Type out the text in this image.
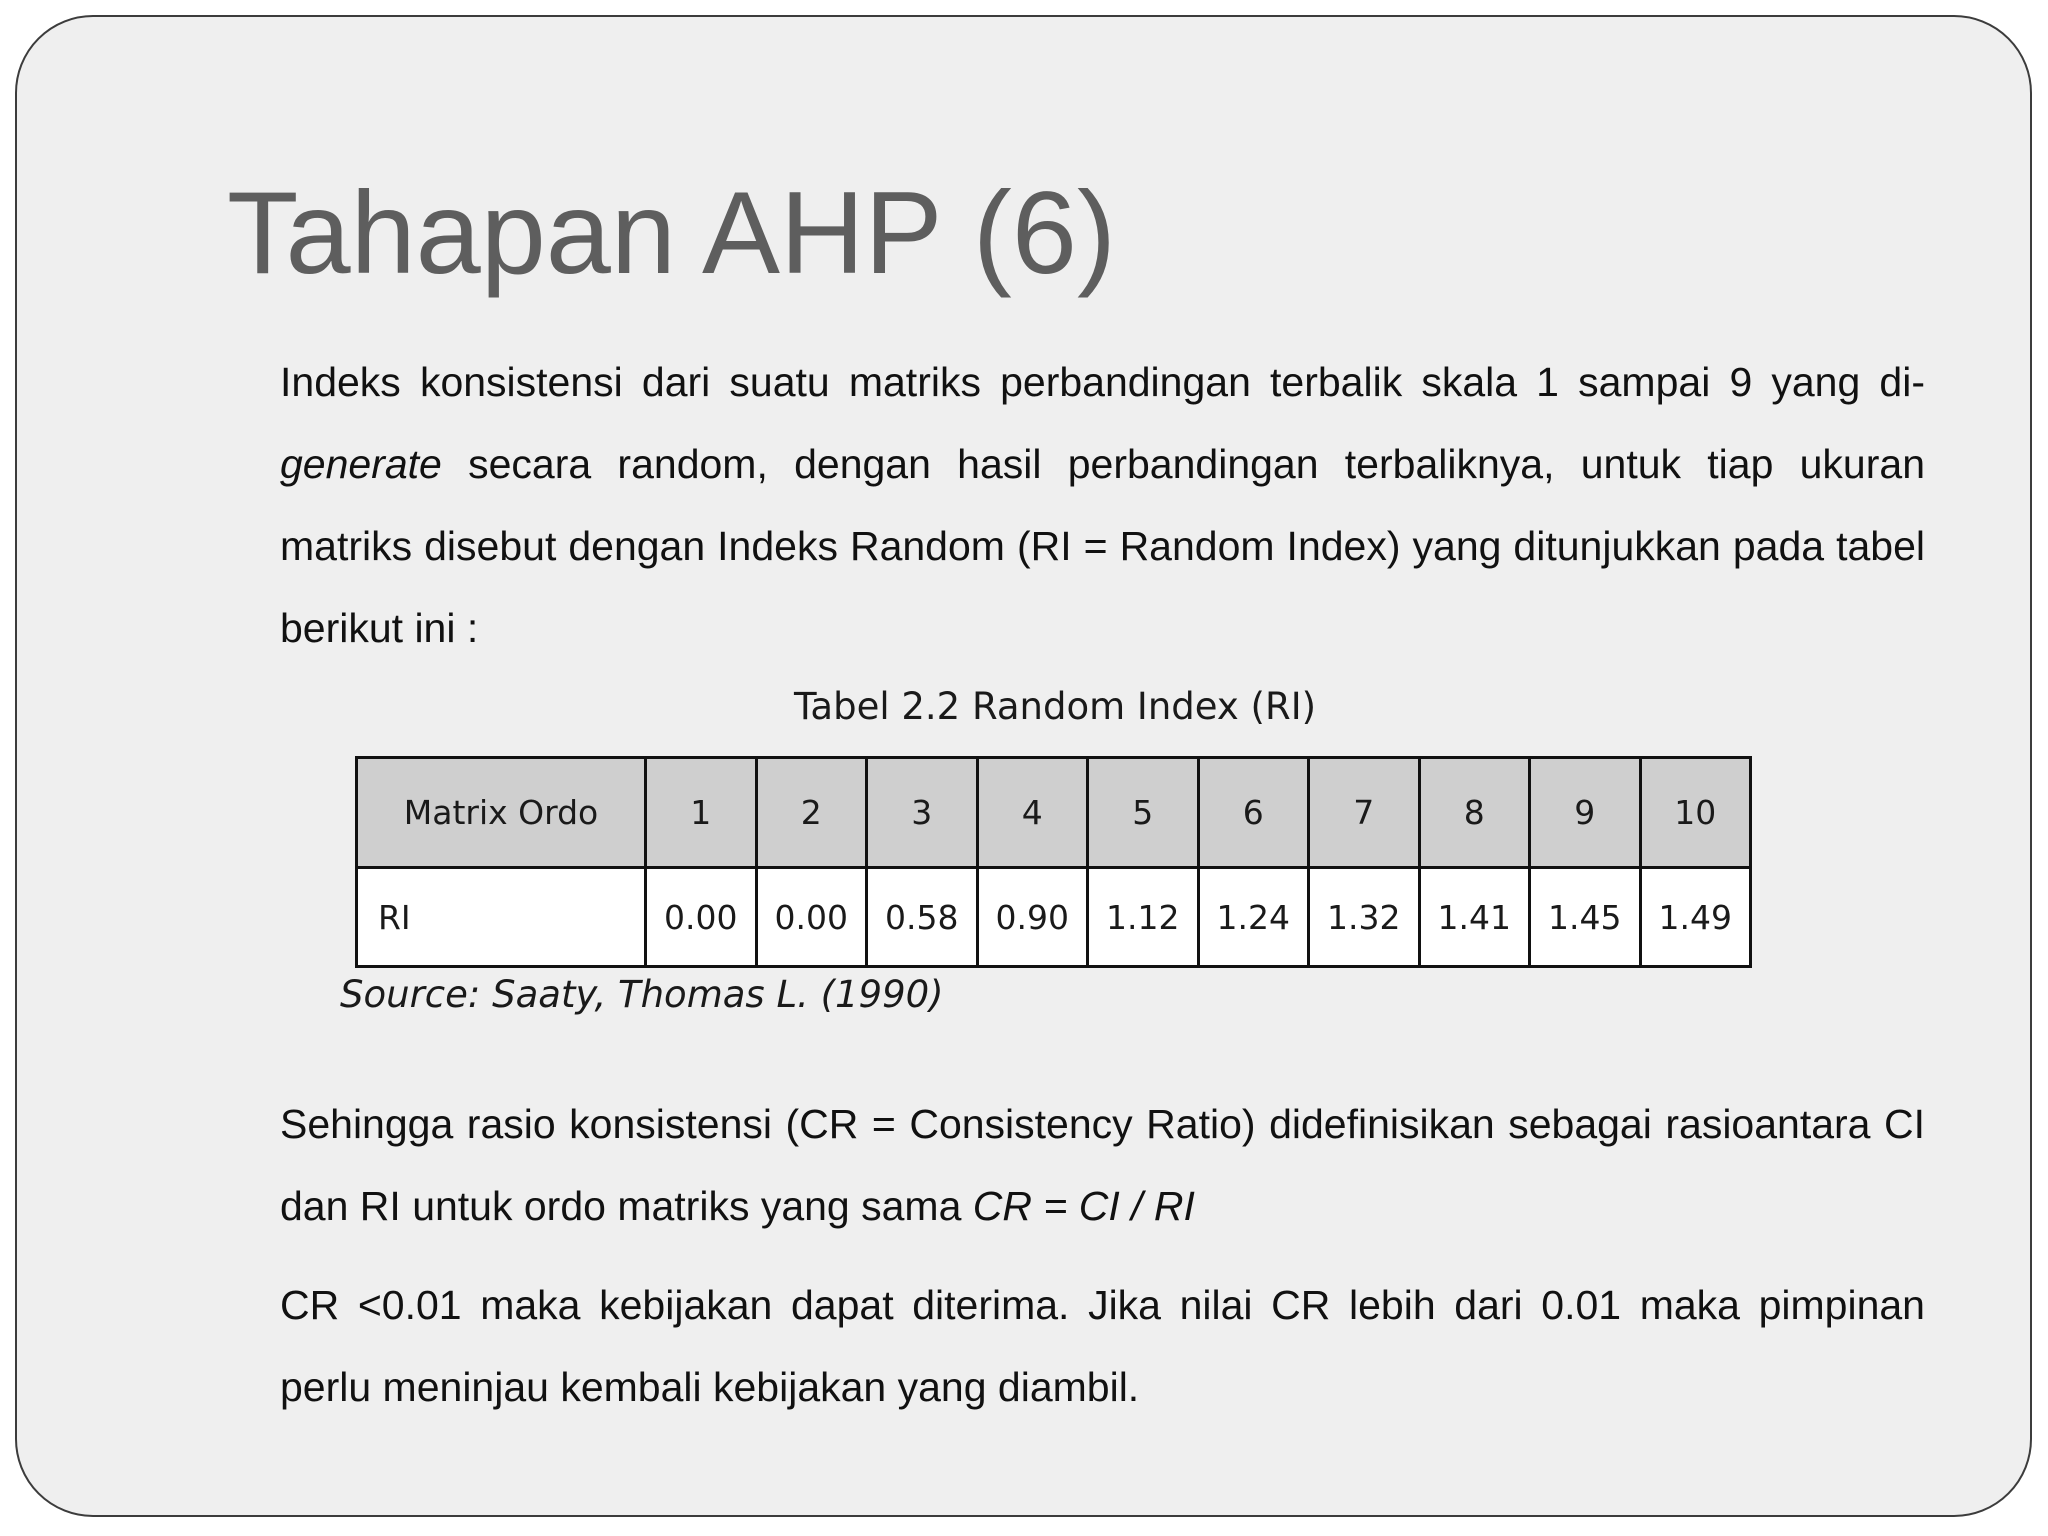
Tahapan AHP (6)

Indeks konsistensi dari suatu matriks perbandingan terbalik skala 1 sampai 9 yang di-generate secara random, dengan hasil perbandingan terbaliknya, untuk tiap ukuran matriks disebut dengan Indeks Random (RI = Random Index) yang ditunjukkan pada tabel berikut ini :

Tabel 2.2 Random Index (RI)
Matrix Ordo	1	2	3	4	5	6	7	8	9	10
RI	0.00	0.00	0.58	0.90	1.12	1.24	1.32	1.41	1.45	1.49
Source: Saaty, Thomas L. (1990)

Sehingga rasio konsistensi (CR = Consistency Ratio) didefinisikan sebagai rasioantara CI dan RI untuk ordo matriks yang sama CR = CI / RI

CR <0.01 maka kebijakan dapat diterima. Jika nilai CR lebih dari 0.01 maka pimpinan perlu meninjau kembali kebijakan yang diambil.
